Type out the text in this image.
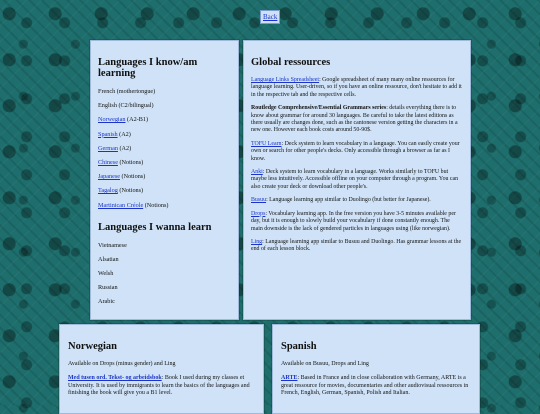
Back
Languages I know/am learning
French (mothertongue)
English (C2/bilingual)
Norwegian (A2-B1)
Spanish (A2)
German (A2)
Chinese (Notions)
Japanese (Notions)
Tagalog (Notions)
Martinican Créole (Notions)
Languages I wanna learn
Vietnamese
Alsatian
Welsh
Russian
Arabic
Global ressources

Language Links Spreadsheet: Google spreadsheet of many many online ressources for language learning. User-driven, so if you have an online ressource, don't hesitate to add it in the respective tab and the respective cells.

Routledge Comprehensive/Essential Grammars series: details everything there is to know about grammar for around 30 languages. Be careful to take the latest editions as there usually are changes done, such as the cantonese version getting the characters in a new one. However each book costs around 50-90$.

TOFU Learn: Deck system to learn vocabulary in a language. You can easily create your own or search for other people's decks. Only accessible through a browser as far as I know.

Anki: Deck system to learn vocabulary in a language. Works similarly to TOFU but maybe less intuitively. Accessible offline on your computer through a program. You can also create your deck or download other people's.

Busuu: Language learning app similar to Duolingo (but better for Japanese).

Drops: Vocabulary learning app. In the free version you have 3-5 minutes available per day, but it is enough to slowly build your vocabulary if done constantly enough. The main downside is the lack of gendered particles in languages using (like norwegian).

Ling: Language learning app similar to Busuu and Duolingo. Has grammar lessons at the end of each lesson block.

Norwegian

Available on Drops (minus gender) and Ling

Med tusen ord. Tekst- og arbeidsbok: Book I used during my classes et University. It is used by immigrants to learn the basics of the languages and finishing the book will give you a B1 level.

Spanish

Available on Busuu, Drops and Ling

ARTE: Based in France and in close collaboration with Germany, ARTE is a great ressource for movies, documentaries and other audiovisual ressources in French, English, German, Spanish, Polish and Italian.
